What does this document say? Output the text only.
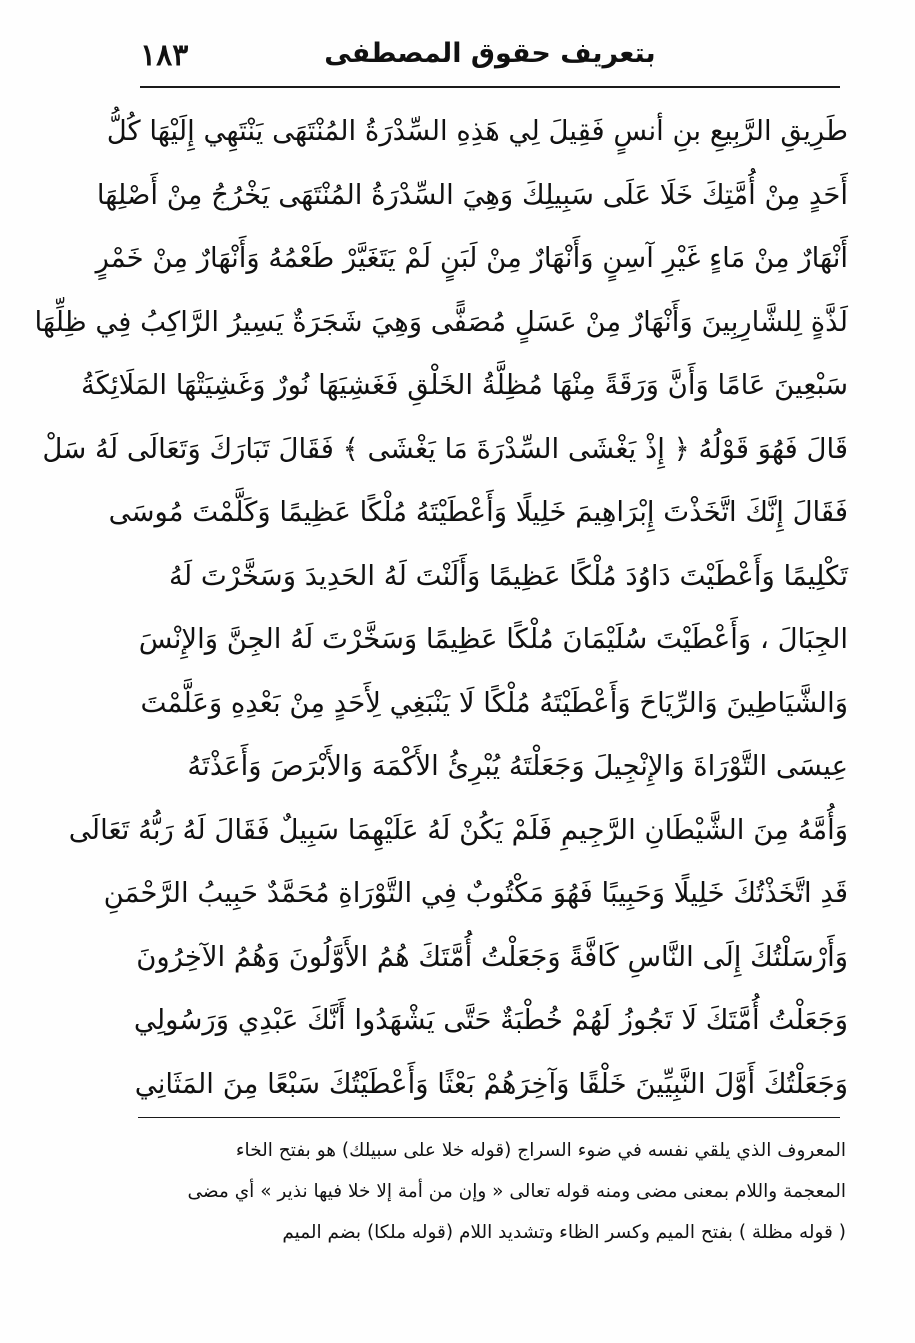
١٨٣	بتعريف حقوق المصطفى
طَرِيقِ الرَّبِيعِ بنِ أنسٍ فَقِيلَ لِي هَذِهِ السِّدْرَةُ المُنْتَهَى يَنْتَهِي إِلَيْهَا كُلُّ
أَحَدٍ مِنْ أُمَّتِكَ خَلَا عَلَى سَبِيلِكَ وَهِيَ السِّدْرَةُ المُنْتَهَى يَخْرُجُ مِنْ أَصْلِهَا
أَنْهَارٌ مِنْ مَاءٍ غَيْرِ آسِنٍ وَأَنْهَارٌ مِنْ لَبَنٍ لَمْ يَتَغَيَّرْ طَعْمُهُ وَأَنْهَارٌ مِنْ خَمْرٍ
لَذَّةٍ لِلشَّارِبِينَ وَأَنْهَارٌ مِنْ عَسَلٍ مُصَفًّى وَهِيَ شَجَرَةٌ يَسِيرُ الرَّاكِبُ فِي ظِلِّهَا
سَبْعِينَ عَامًا وَأَنَّ وَرَقَةً مِنْهَا مُظِلَّةُ الخَلْقِ فَغَشِيَهَا نُورٌ وَغَشِيَتْهَا المَلَائِكَةُ
قَالَ فَهُوَ قَوْلُهُ ﴿ إِذْ يَغْشَى السِّدْرَةَ مَا يَغْشَى ﴾ فَقَالَ تَبَارَكَ وَتَعَالَى لَهُ سَلْ
فَقَالَ إِنَّكَ اتَّخَذْتَ إِبْرَاهِيمَ خَلِيلًا وَأَعْطَيْتَهُ مُلْكًا عَظِيمًا وَكَلَّمْتَ مُوسَى
تَكْلِيمًا وَأَعْطَيْتَ دَاوُدَ مُلْكًا عَظِيمًا وَأَلَنْتَ لَهُ الحَدِيدَ وَسَخَّرْتَ لَهُ
الجِبَالَ ، وَأَعْطَيْتَ سُلَيْمَانَ مُلْكًا عَظِيمًا وَسَخَّرْتَ لَهُ الجِنَّ وَالإِنْسَ
وَالشَّيَاطِينَ وَالرِّيَاحَ وَأَعْطَيْتَهُ مُلْكًا لَا يَنْبَغِي لِأَحَدٍ مِنْ بَعْدِهِ وَعَلَّمْتَ
عِيسَى التَّوْرَاةَ وَالإِنْجِيلَ وَجَعَلْتَهُ يُبْرِئُ الأَكْمَهَ وَالأَبْرَصَ وَأَعَذْتَهُ
وَأُمَّهُ مِنَ الشَّيْطَانِ الرَّجِيمِ فَلَمْ يَكُنْ لَهُ عَلَيْهِمَا سَبِيلٌ فَقَالَ لَهُ رَبُّهُ تَعَالَى
قَدِ اتَّخَذْتُكَ خَلِيلًا وَحَبِيبًا فَهُوَ مَكْتُوبٌ فِي التَّوْرَاةِ مُحَمَّدٌ حَبِيبُ الرَّحْمَنِ
وَأَرْسَلْتُكَ إِلَى النَّاسِ كَافَّةً وَجَعَلْتُ أُمَّتَكَ هُمُ الأَوَّلُونَ وَهُمُ الآخِرُونَ
وَجَعَلْتُ أُمَّتَكَ لَا تَجُوزُ لَهُمْ خُطْبَةٌ حَتَّى يَشْهَدُوا أَنَّكَ عَبْدِي وَرَسُولِي
وَجَعَلْتُكَ أَوَّلَ النَّبِيِّينَ خَلْقًا وَآخِرَهُمْ بَعْثًا وَأَعْطَيْتُكَ سَبْعًا مِنَ المَثَانِي
المعروف الذي يلقي نفسه في ضوء السراج (قوله خلا على سبيلك) هو بفتح الخاء
المعجمة واللام بمعنى مضى ومنه قوله تعالى « وإن من أمة إلا خلا فيها نذير » أي مضى
( قوله مظلة ) بفتح الميم وكسر الظاء وتشديد اللام (قوله ملكا) بضم الميم
